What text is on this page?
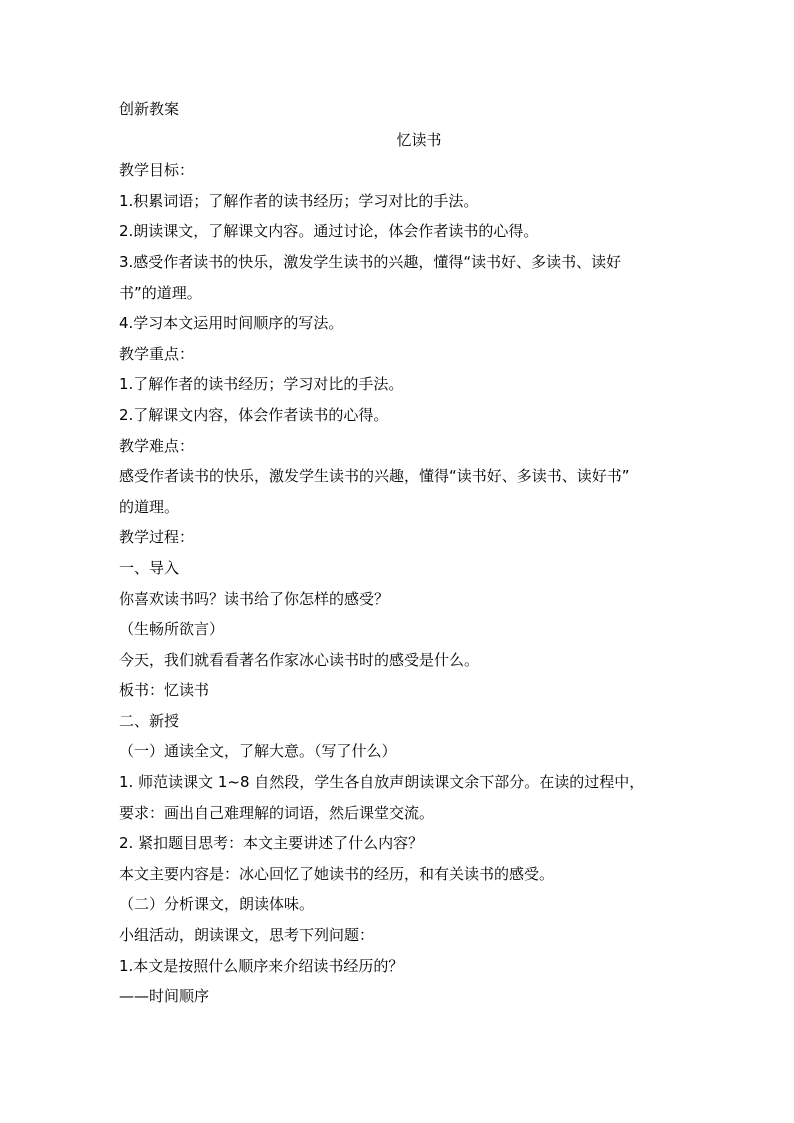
创新教案
忆读书
教学目标：
1.积累词语；了解作者的读书经历；学习对比的手法。
2.朗读课文，了解课文内容。通过讨论，体会作者读书的心得。
3.感受作者读书的快乐，激发学生读书的兴趣，懂得“读书好、多读书、读好
书”的道理。
4.学习本文运用时间顺序的写法。
教学重点：
1.了解作者的读书经历；学习对比的手法。
2.了解课文内容，体会作者读书的心得。
教学难点：
感受作者读书的快乐，激发学生读书的兴趣，懂得“读书好、多读书、读好书”
的道理。
教学过程：
一、导入
你喜欢读书吗？读书给了你怎样的感受？
（生畅所欲言）
今天，我们就看看著名作家冰心读书时的感受是什么。
板书：忆读书
二、新授
（一）通读全文，了解大意。（写了什么）
1. 师范读课文 1~8 自然段，学生各自放声朗读课文余下部分。在读的过程中，
要求：画出自己难理解的词语，然后课堂交流。
2. 紧扣题目思考：本文主要讲述了什么内容？
本文主要内容是：冰心回忆了她读书的经历，和有关读书的感受。
（二）分析课文，朗读体味。
小组活动，朗读课文，思考下列问题：
1.本文是按照什么顺序来介绍读书经历的？
——时间顺序
